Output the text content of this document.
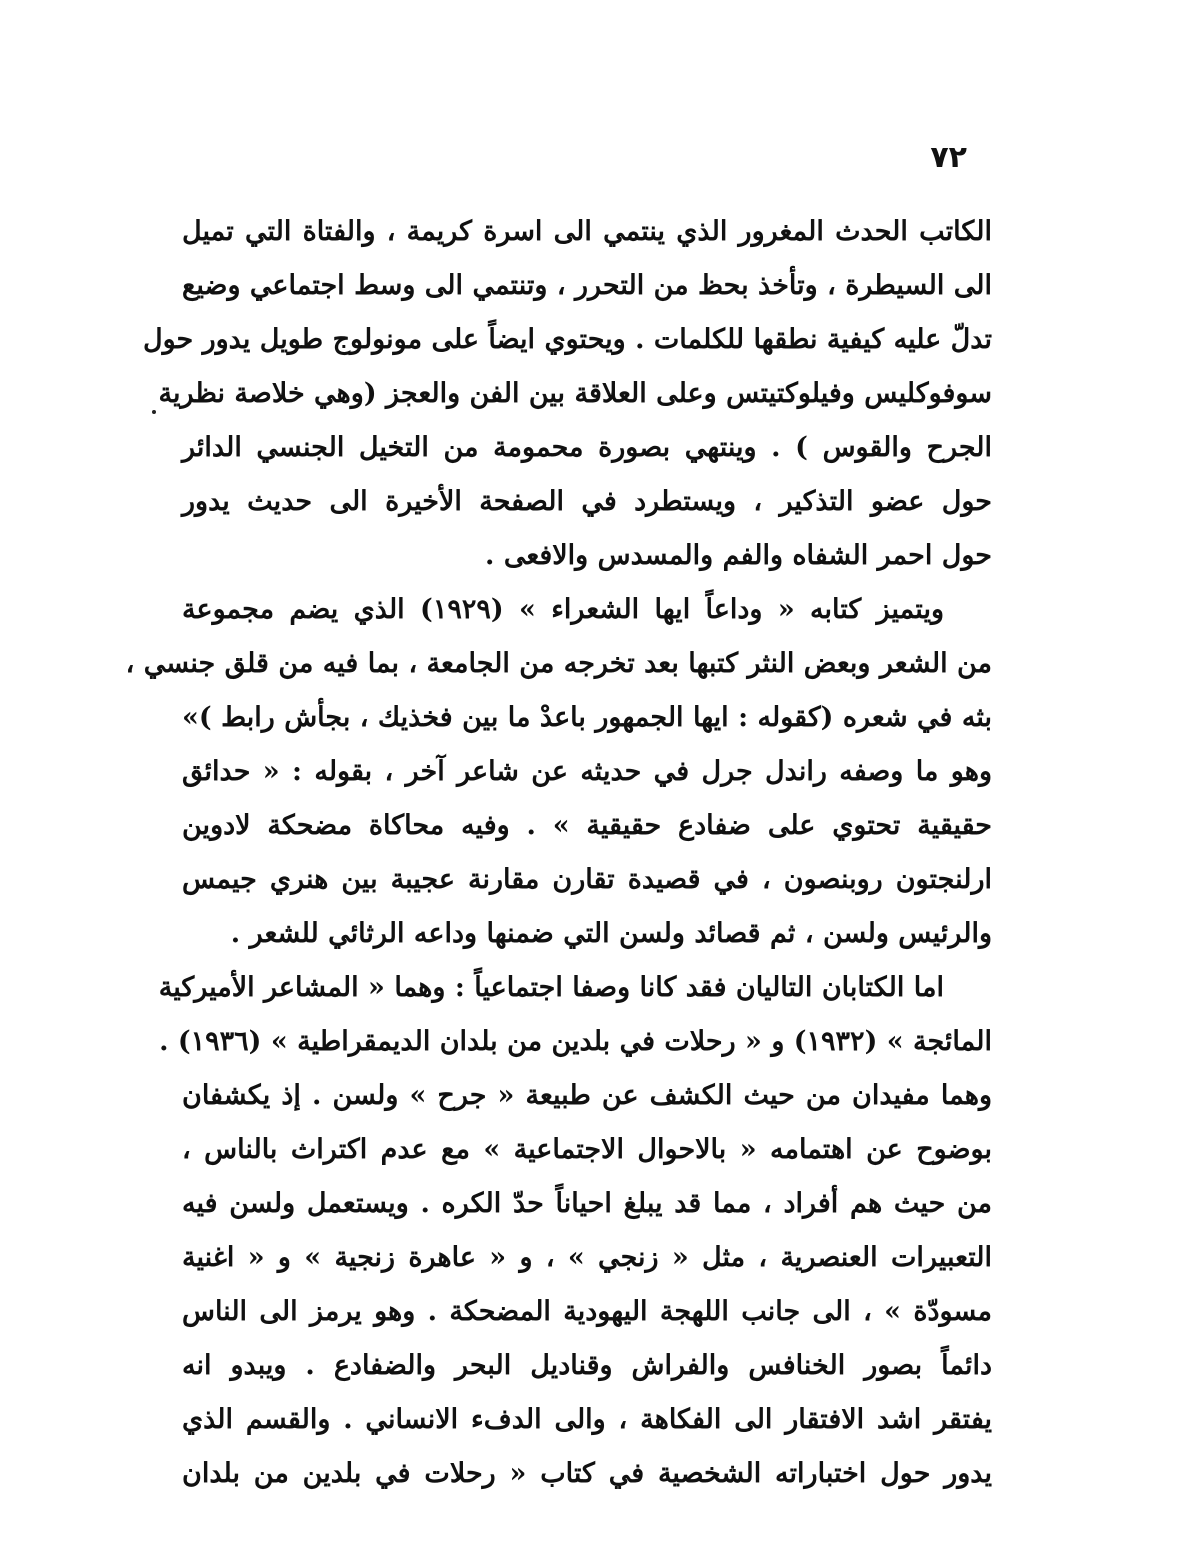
٧٢
الكاتب الحدث المغرور الذي ينتمي الى اسرة كريمة ، والفتاة التي تميل
الى السيطرة ، وتأخذ بحظ من التحرر ، وتنتمي الى وسط اجتماعي وضيع
تدلّ عليه كيفية نطقها للكلمات . ويحتوي ايضاً على مونولوج طويل يدور حول
سوفوكليس وفيلوكتيتس وعلى العلاقة بين الفن والعجز (وهي خلاصة نظرية
الجرح والقوس ) . وينتهي بصورة محمومة من التخيل الجنسي الدائر
حول عضو التذكير ، ويستطرد في الصفحة الأخيرة الى حديث يدور
حول احمر الشفاه والفم والمسدس والافعى .
ويتميز كتابه « وداعاً ايها الشعراء » (١٩٢٩) الذي يضم مجموعة
من الشعر وبعض النثر كتبها بعد تخرجه من الجامعة ، بما فيه من قلق جنسي ،
بثه في شعره (كقوله : ايها الجمهور باعدْ ما بين فخذيك ، بجأش رابط )»
وهو ما وصفه راندل جرل في حديثه عن شاعر آخر ، بقوله : « حدائق
حقيقية تحتوي على ضفادع حقيقية » . وفيه محاكاة مضحكة لادوين
ارلنجتون روبنصون ، في قصيدة تقارن مقارنة عجيبة بين هنري جيمس
والرئيس ولسن ، ثم قصائد ولسن التي ضمنها وداعه الرثائي للشعر .
اما الكتابان التاليان فقد كانا وصفا اجتماعياً : وهما « المشاعر الأميركية
المائجة » (١٩٣٢) و « رحلات في بلدين من بلدان الديمقراطية » (١٩٣٦) .
وهما مفيدان من حيث الكشف عن طبيعة « جرح » ولسن . إذ يكشفان
بوضوح عن اهتمامه « بالاحوال الاجتماعية » مع عدم اكتراث بالناس ،
من حيث هم أفراد ، مما قد يبلغ احياناً حدّ الكره . ويستعمل ولسن فيه
التعبيرات العنصرية ، مثل « زنجي » ، و « عاهرة زنجية » و « اغنية
مسودّة » ، الى جانب اللهجة اليهودية المضحكة . وهو يرمز الى الناس
دائماً بصور الخنافس والفراش وقناديل البحر والضفادع . ويبدو انه
يفتقر اشد الافتقار الى الفكاهة ، والى الدفء الانساني . والقسم الذي
يدور حول اختباراته الشخصية في كتاب « رحلات في بلدين من بلدان
